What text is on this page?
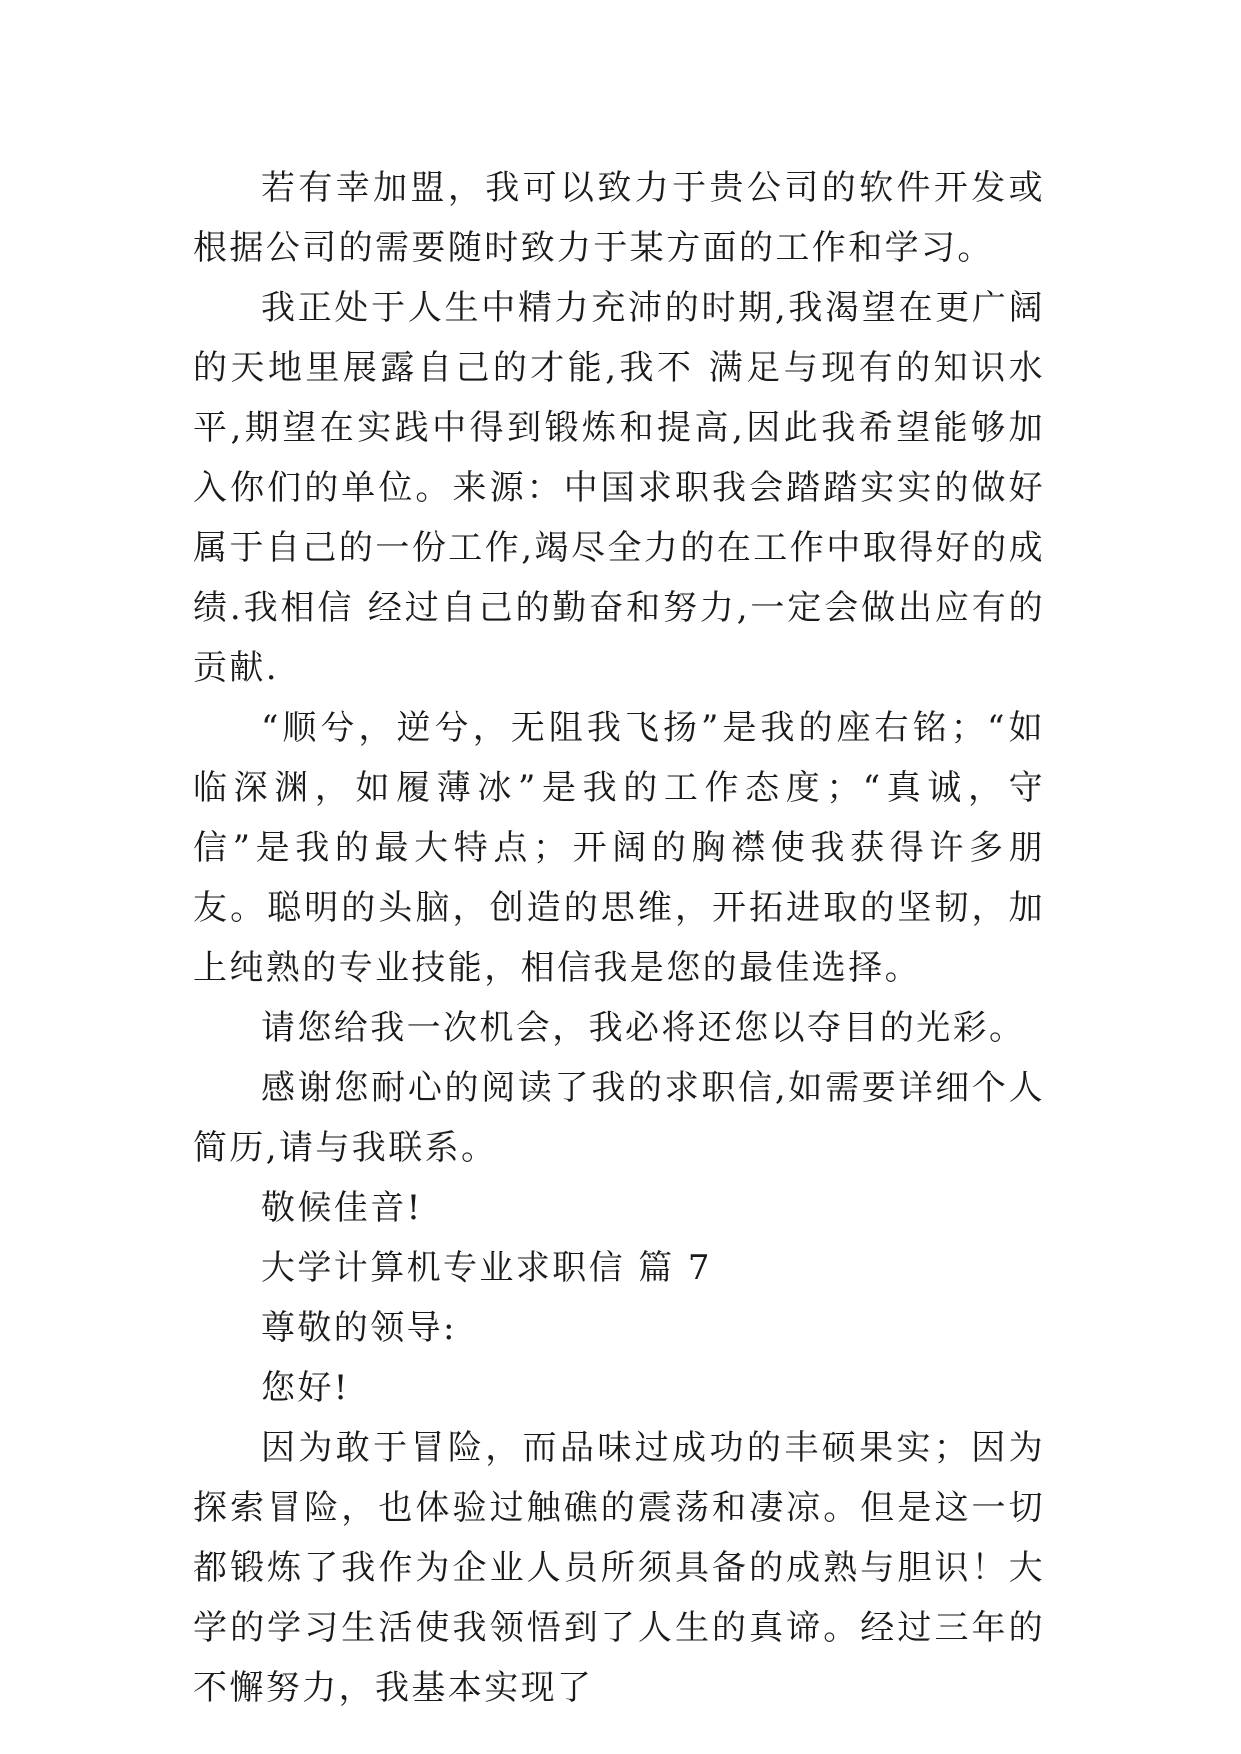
若有幸加盟，我可以致力于贵公司的软件开发或根据公司的需要随时致力于某方面的工作和学习。

我正处于人生中精力充沛的时期,我渴望在更广阔的天地里展露自己的才能,我不 满足与现有的知识水平,期望在实践中得到锻炼和提高,因此我希望能够加入你们的单位。来源：中国求职我会踏踏实实的做好属于自己的一份工作,竭尽全力的在工作中取得好的成绩.我相信 经过自己的勤奋和努力,一定会做出应有的贡献.

“顺兮，逆兮，无阻我飞扬”是我的座右铭；“如临深渊，如履薄冰”是我的工作态度；“真诚，守信”是我的最大特点；开阔的胸襟使我获得许多朋友。聪明的头脑，创造的思维，开拓进取的坚韧，加上纯熟的专业技能，相信我是您的最佳选择。

请您给我一次机会，我必将还您以夺目的光彩。

感谢您耐心的阅读了我的求职信,如需要详细个人简历,请与我联系。

敬候佳音!

大学计算机专业求职信 篇 7

尊敬的领导:

您好!

因为敢于冒险，而品味过成功的丰硕果实；因为探索冒险，也体验过触礁的震荡和凄凉。但是这一切都锻炼了我作为企业人员所须具备的成熟与胆识！大学的学习生活使我领悟到了人生的真谛。经过三年的不懈努力，我基本实现了
